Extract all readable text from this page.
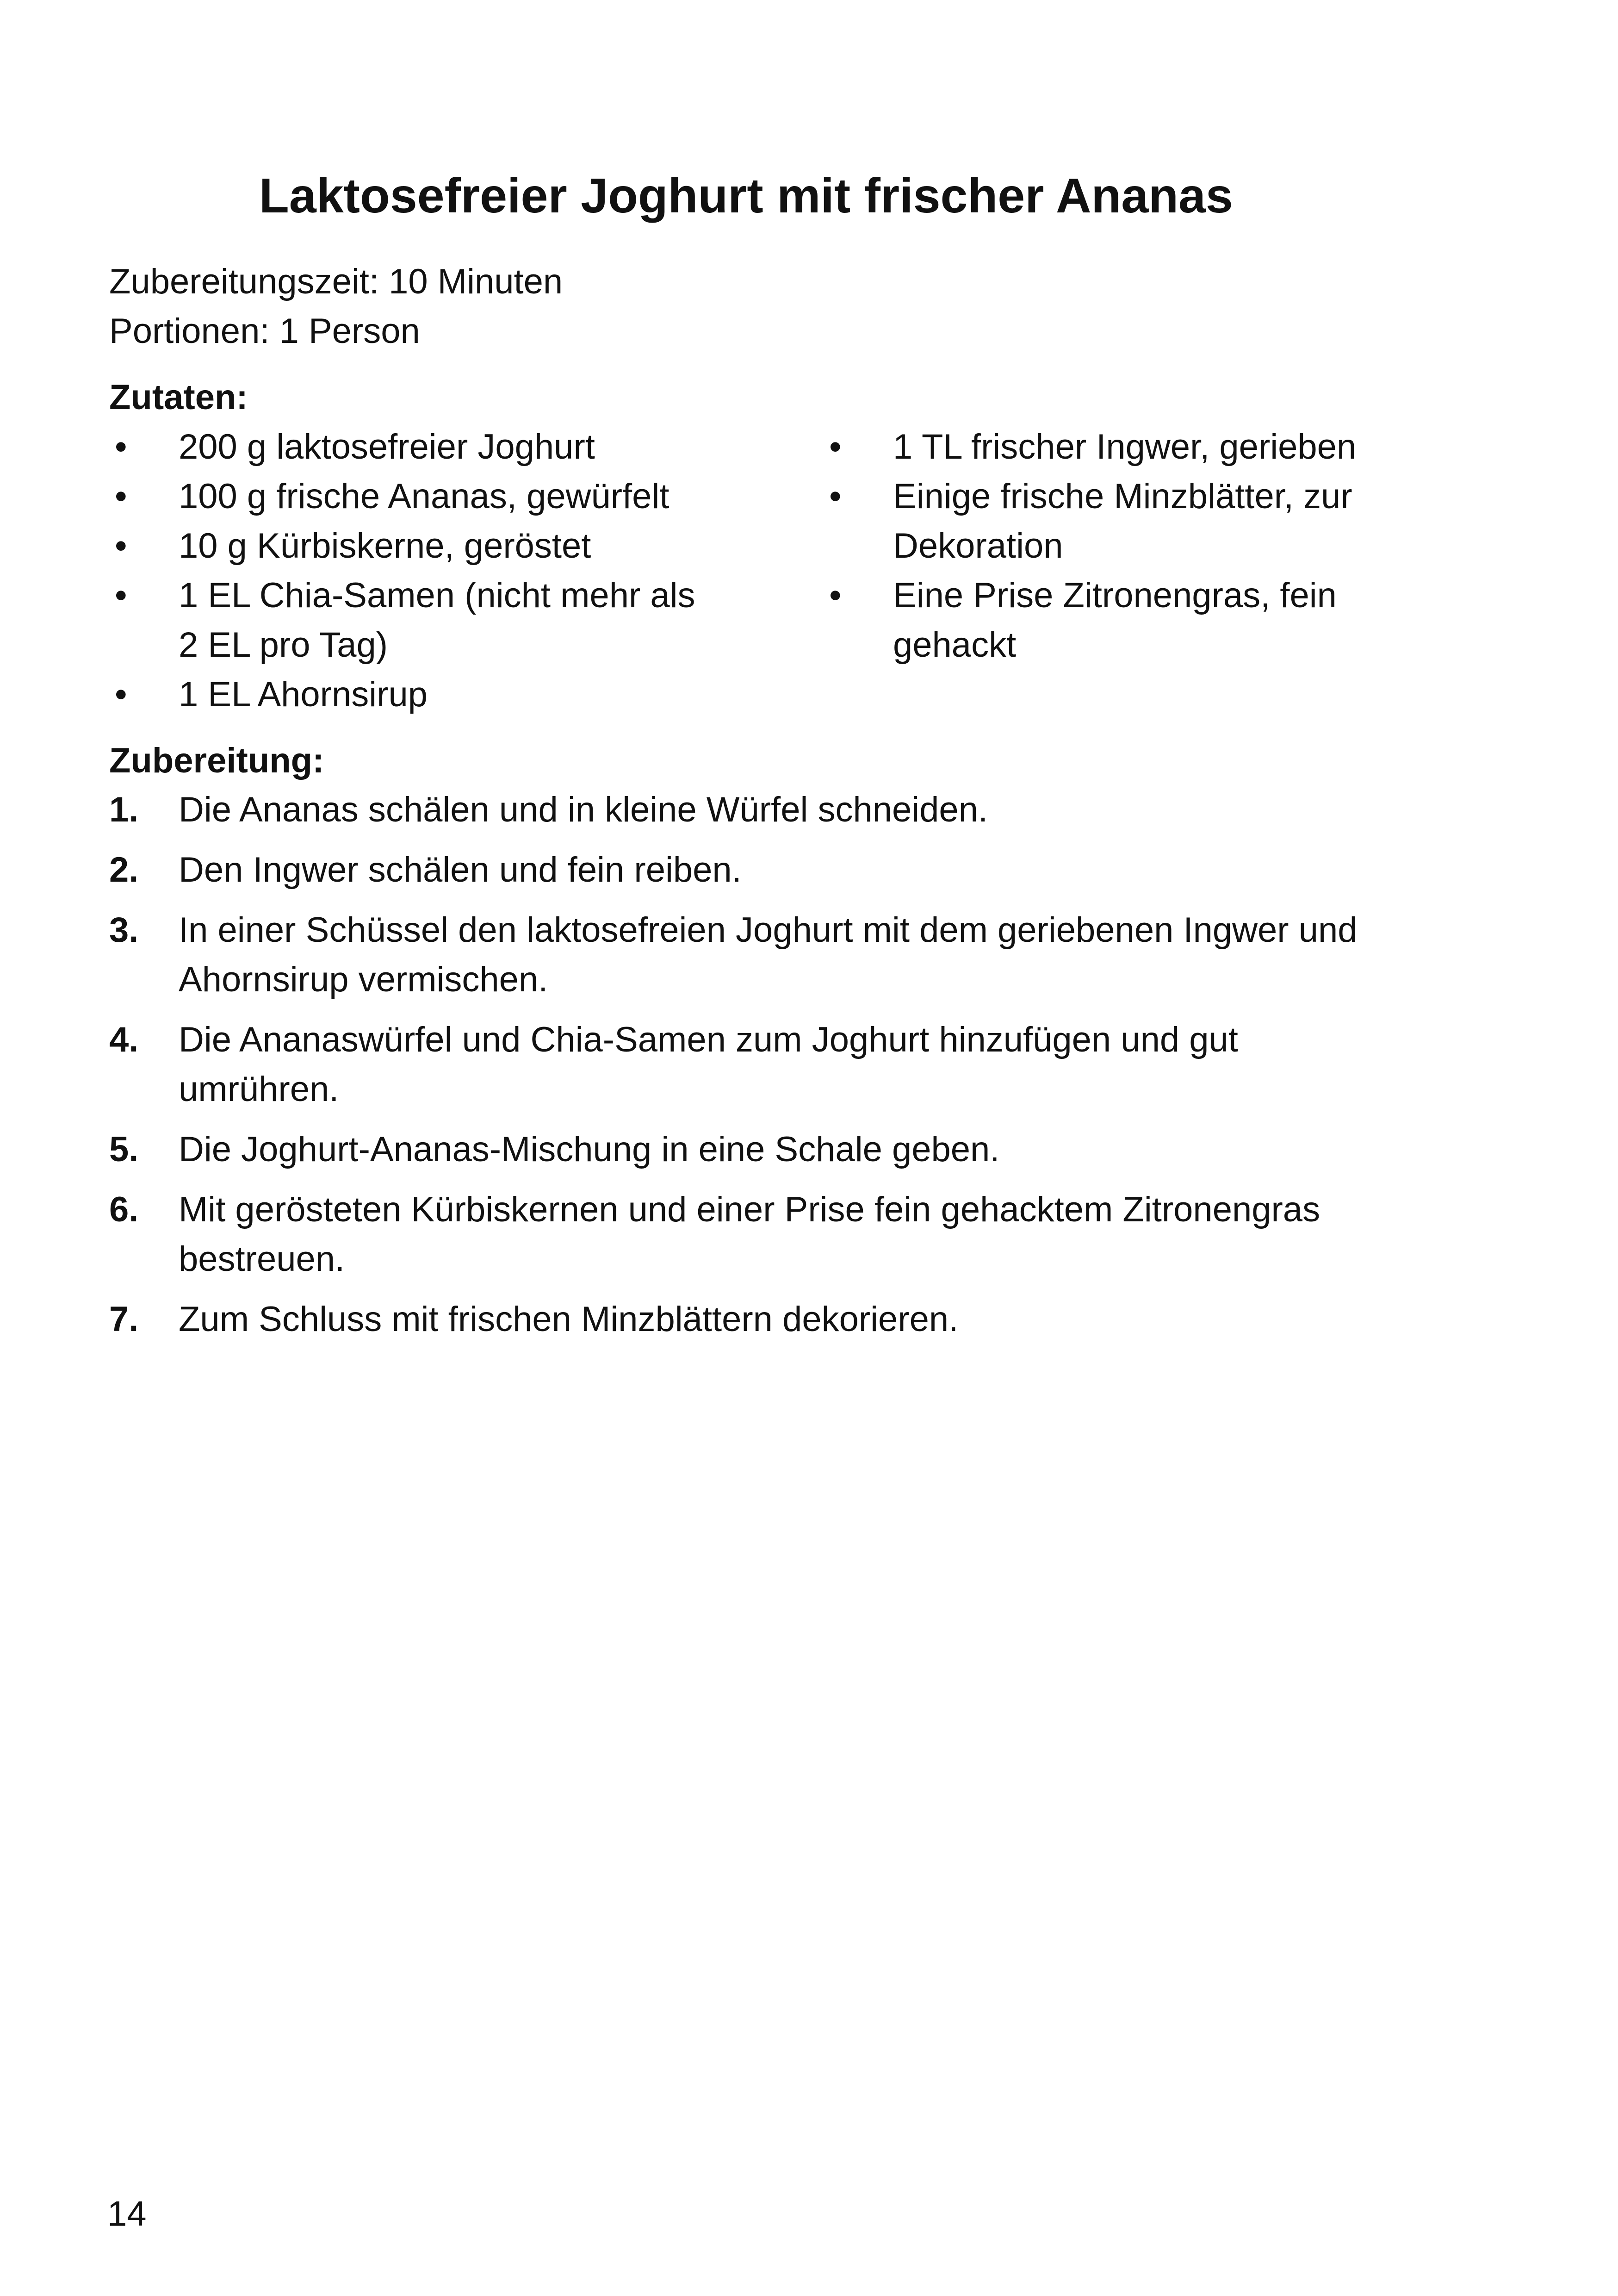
Laktosefreier Joghurt mit frischer Ananas
Zubereitungszeit: 10 Minuten
Portionen: 1 Person
Zutaten:
• 200 g laktosefreier Joghurt
• 100 g frische Ananas, gewürfelt
• 10 g Kürbiskerne, geröstet
• 1 EL Chia-Samen (nicht mehr als 2 EL pro Tag)
• 1 EL Ahornsirup
• 1 TL frischer Ingwer, gerieben
• Einige frische Minzblätter, zur Dekoration
• Eine Prise Zitronengras, fein gehackt
Zubereitung:
1. Die Ananas schälen und in kleine Würfel schneiden.
2. Den Ingwer schälen und fein reiben.
3. In einer Schüssel den laktosefreien Joghurt mit dem geriebenen Ingwer und Ahornsirup vermischen.
4. Die Ananaswürfel und Chia-Samen zum Joghurt hinzufügen und gut umrühren.
5. Die Joghurt-Ananas-Mischung in eine Schale geben.
6. Mit gerösteten Kürbiskernen und einer Prise fein gehacktem Zitronengras bestreuen.
7. Zum Schluss mit frischen Minzblättern dekorieren.
14
